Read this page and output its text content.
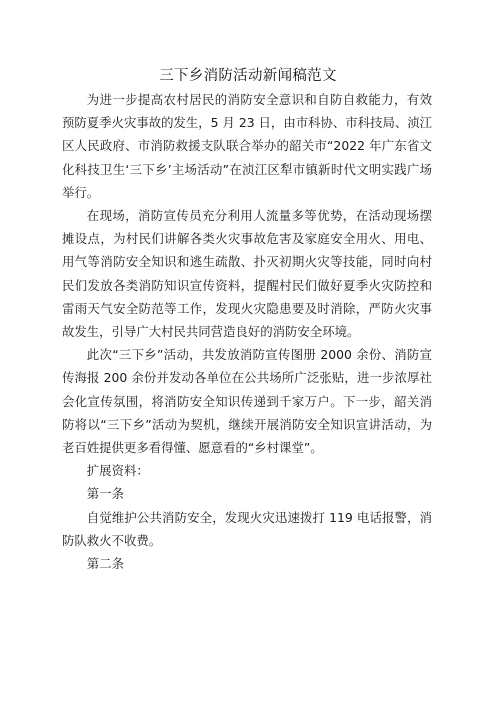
三下乡消防活动新闻稿范文

为进一步提高农村居民的消防安全意识和自防自救能力，有效预防夏季火灾事故的发生，5 月 23 日，由市科协、市科技局、浈江区人民政府、市消防救援支队联合举办的韶关市“2022 年广东省文化科技卫生‘三下乡’主场活动”在浈江区犁市镇新时代文明实践广场举行。

在现场，消防宣传员充分利用人流量多等优势，在活动现场摆摊设点，为村民们讲解各类火灾事故危害及家庭安全用火、用电、用气等消防安全知识和逃生疏散、扑灭初期火灾等技能，同时向村民们发放各类消防知识宣传资料，提醒村民们做好夏季火灾防控和雷雨天气安全防范等工作，发现火灾隐患要及时消除，严防火灾事故发生，引导广大村民共同营造良好的消防安全环境。

此次“三下乡”活动，共发放消防宣传图册 2000 余份、消防宣传海报 200 余份并发动各单位在公共场所广泛张贴，进一步浓厚社会化宣传氛围，将消防安全知识传递到千家万户。下一步，韶关消防将以“三下乡”活动为契机，继续开展消防安全知识宣讲活动，为老百姓提供更多看得懂、愿意看的“乡村课堂”。

扩展资料：

第一条

自觉维护公共消防安全，发现火灾迅速拨打 119 电话报警，消防队救火不收费。

第二条
